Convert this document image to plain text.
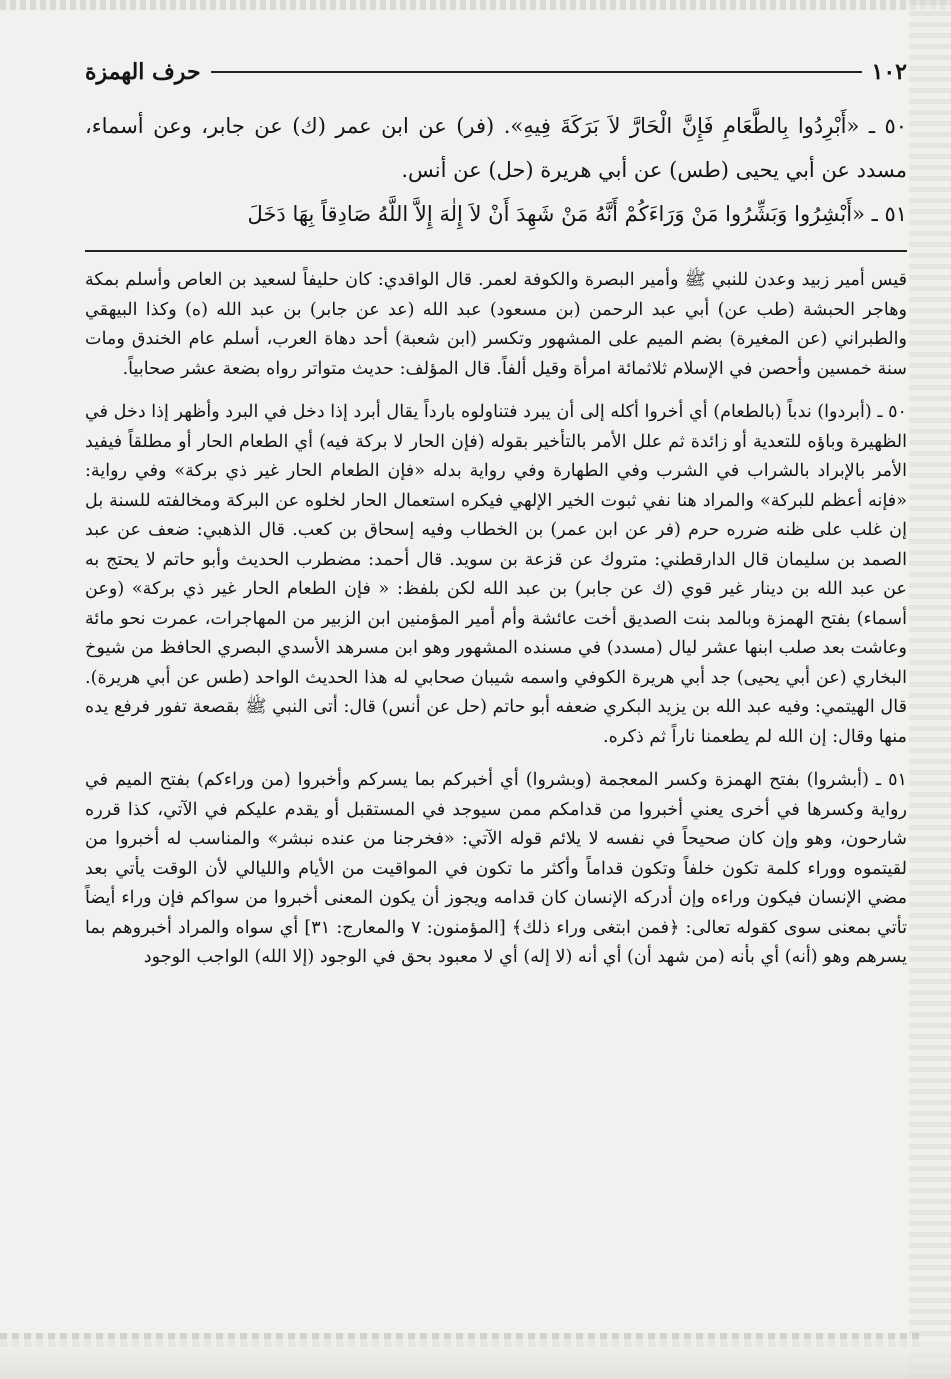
١٠٢
حرف الهمزة

٥٠ ـ «أَبْرِدُوا بِالطَّعَامِ فَإِنَّ الْحَارَّ لاَ بَرَكَةَ فِيهِ». (فر) عن ابن عمر (ك) عن جابر، وعن أسماء، مسدد عن أبي يحيى (طس) عن أبي هريرة (حل) عن أنس.

٥١ ـ «أَبْشِرُوا وَبَشِّرُوا مَنْ وَرَاءَكُمْ أَنَّهُ مَنْ شَهِدَ أَنْ لاَ إِلٰهَ إِلاَّ اللَّهُ صَادِقاً بِهَا دَخَلَ

قيس أمير زبيد وعدن للنبي ﷺ وأمير البصرة والكوفة لعمر. قال الواقدي: كان حليفاً لسعيد بن العاص وأسلم بمكة وهاجر الحبشة (طب عن) أبي عبد الرحمن (بن مسعود) عبد الله (عد عن جابر) بن عبد الله (ه) وكذا البيهقي والطبراني (عن المغيرة) بضم الميم على المشهور وتكسر (ابن شعبة) أحد دهاة العرب، أسلم عام الخندق ومات سنة خمسين وأحصن في الإسلام ثلاثمائة امرأة وقيل ألفاً. قال المؤلف: حديث متواتر رواه بضعة عشر صحابياً.

٥٠ ـ (أبردوا) ندباً (بالطعام) أي أخروا أكله إلى أن يبرد فتناولوه بارداً يقال أبرد إذا دخل في البرد وأظهر إذا دخل في الظهيرة وباؤه للتعدية أو زائدة ثم علل الأمر بالتأخير بقوله (فإن الحار لا بركة فيه) أي الطعام الحار أو مطلقاً فيفيد الأمر بالإبراد بالشراب في الشرب وفي الطهارة وفي رواية بدله «فإن الطعام الحار غير ذي بركة» وفي رواية: «فإنه أعظم للبركة» والمراد هنا نفي ثبوت الخير الإلهي فيكره استعمال الحار لخلوه عن البركة ومخالفته للسنة بل إن غلب على ظنه ضرره حرم (فر عن ابن عمر) بن الخطاب وفيه إسحاق بن كعب. قال الذهبي: ضعف عن عبد الصمد بن سليمان قال الدارقطني: متروك عن قزعة بن سويد. قال أحمد: مضطرب الحديث وأبو حاتم لا يحتج به عن عبد الله بن دينار غير قوي (ك عن جابر) بن عبد الله لكن بلفظ: « فإن الطعام الحار غير ذي بركة» (وعن أسماء) بفتح الهمزة وبالمد بنت الصديق أخت عائشة وأم أمير المؤمنين ابن الزبير من المهاجرات، عمرت نحو مائة وعاشت بعد صلب ابنها عشر ليال (مسدد) في مسنده المشهور وهو ابن مسرهد الأسدي البصري الحافظ من شيوخ البخاري (عن أبي يحيى) جد أبي هريرة الكوفي واسمه شيبان صحابي له هذا الحديث الواحد (طس عن أبي هريرة). قال الهيتمي: وفيه عبد الله بن يزيد البكري ضعفه أبو حاتم (حل عن أنس) قال: أتى النبي ﷺ بقصعة تفور فرفع يده منها وقال: إن الله لم يطعمنا ناراً ثم ذكره.

٥١ ـ (أبشروا) بفتح الهمزة وكسر المعجمة (وبشروا) أي أخبركم بما يسركم وأخبروا (من وراءكم) بفتح الميم في رواية وكسرها في أخرى يعني أخبروا من قدامكم ممن سيوجد في المستقبل أو يقدم عليكم في الآتي، كذا قرره شارحون، وهو وإن كان صحيحاً في نفسه لا يلائم قوله الآتي: «فخرجنا من عنده نبشر» والمناسب له أخبروا من لقيتموه ووراء كلمة تكون خلفاً وتكون قداماً وأكثر ما تكون في المواقيت من الأيام والليالي لأن الوقت يأتي بعد مضي الإنسان فيكون وراءه وإن أدركه الإنسان كان قدامه ويجوز أن يكون المعنى أخبروا من سواكم فإن وراء أيضاً تأتي بمعنى سوى كقوله تعالى: ﴿فمن ابتغى وراء ذلك﴾ [المؤمنون: ٧ والمعارج: ٣١] أي سواه والمراد أخبروهم بما يسرهم وهو (أنه) أي بأنه (من شهد أن) أي أنه (لا إله) أي لا معبود بحق في الوجود (إلا الله) الواجب الوجود
